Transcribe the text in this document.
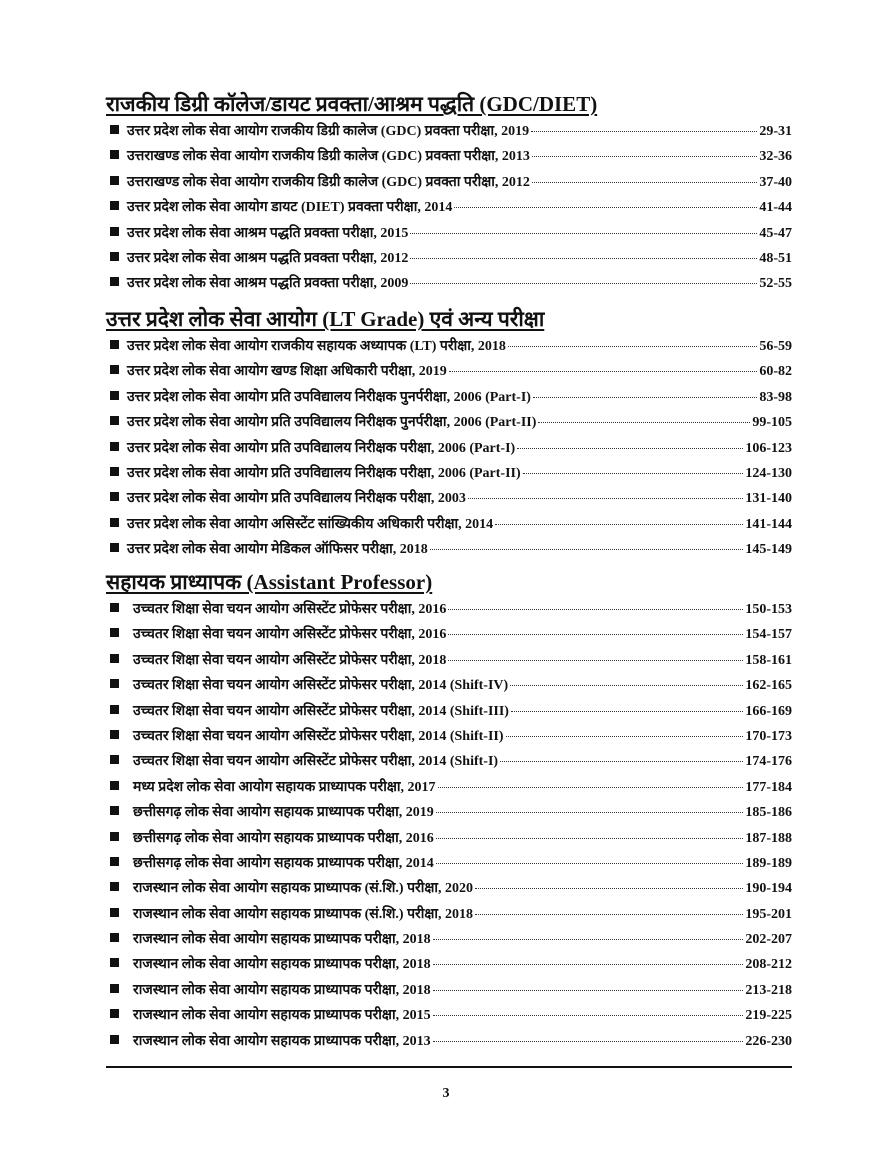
राजकीय डिग्री कॉलेज/डायट प्रवक्ता/आश्रम पद्धति (GDC/DIET)
उत्तर प्रदेश लोक सेवा आयोग राजकीय डिग्री कालेज (GDC) प्रवक्ता परीक्षा, 2019	29-31
उत्तराखण्ड लोक सेवा आयोग राजकीय डिग्री कालेज (GDC) प्रवक्ता परीक्षा, 2013	32-36
उत्तराखण्ड लोक सेवा आयोग राजकीय डिग्री कालेज (GDC) प्रवक्ता परीक्षा, 2012	37-40
उत्तर प्रदेश लोक सेवा आयोग डायट (DIET) प्रवक्ता परीक्षा, 2014	41-44
उत्तर प्रदेश लोक सेवा आश्रम पद्धति प्रवक्ता परीक्षा, 2015	45-47
उत्तर प्रदेश लोक सेवा आश्रम पद्धति प्रवक्ता परीक्षा, 2012	48-51
उत्तर प्रदेश लोक सेवा आश्रम पद्धति प्रवक्ता परीक्षा, 2009	52-55
उत्तर प्रदेश लोक सेवा आयोग (LT Grade) एवं अन्य परीक्षा
उत्तर प्रदेश लोक सेवा आयोग राजकीय सहायक अध्यापक (LT) परीक्षा, 2018	56-59
उत्तर प्रदेश लोक सेवा आयोग खण्ड शिक्षा अधिकारी परीक्षा, 2019	60-82
उत्तर प्रदेश लोक सेवा आयोग प्रति उपविद्यालय निरीक्षक पुनर्परीक्षा, 2006 (Part-I)	83-98
उत्तर प्रदेश लोक सेवा आयोग प्रति उपविद्यालय निरीक्षक पुनर्परीक्षा, 2006 (Part-II)	99-105
उत्तर प्रदेश लोक सेवा आयोग प्रति उपविद्यालय निरीक्षक परीक्षा, 2006 (Part-I)	106-123
उत्तर प्रदेश लोक सेवा आयोग प्रति उपविद्यालय निरीक्षक परीक्षा, 2006 (Part-II)	124-130
उत्तर प्रदेश लोक सेवा आयोग प्रति उपविद्यालय निरीक्षक परीक्षा, 2003	131-140
उत्तर प्रदेश लोक सेवा आयोग असिस्टेंट सांख्यिकीय अधिकारी परीक्षा, 2014	141-144
उत्तर प्रदेश लोक सेवा आयोग मेडिकल ऑफिसर परीक्षा, 2018	145-149
सहायक प्राध्यापक (Assistant Professor)
उच्चतर शिक्षा सेवा चयन आयोग असिस्टेंट प्रोफेसर परीक्षा, 2016	150-153
उच्चतर शिक्षा सेवा चयन आयोग असिस्टेंट प्रोफेसर परीक्षा, 2016	154-157
उच्चतर शिक्षा सेवा चयन आयोग असिस्टेंट प्रोफेसर परीक्षा, 2018	158-161
उच्चतर शिक्षा सेवा चयन आयोग असिस्टेंट प्रोफेसर परीक्षा, 2014 (Shift-IV)	162-165
उच्चतर शिक्षा सेवा चयन आयोग असिस्टेंट प्रोफेसर परीक्षा, 2014 (Shift-III)	166-169
उच्चतर शिक्षा सेवा चयन आयोग असिस्टेंट प्रोफेसर परीक्षा, 2014 (Shift-II)	170-173
उच्चतर शिक्षा सेवा चयन आयोग असिस्टेंट प्रोफेसर परीक्षा, 2014 (Shift-I)	174-176
मध्य प्रदेश लोक सेवा आयोग सहायक प्राध्यापक परीक्षा, 2017	177-184
छत्तीसगढ़ लोक सेवा आयोग सहायक प्राध्यापक परीक्षा, 2019	185-186
छत्तीसगढ़ लोक सेवा आयोग सहायक प्राध्यापक परीक्षा, 2016	187-188
छत्तीसगढ़ लोक सेवा आयोग सहायक प्राध्यापक परीक्षा, 2014	189-189
राजस्थान लोक सेवा आयोग सहायक प्राध्यापक (सं.शि.) परीक्षा, 2020	190-194
राजस्थान लोक सेवा आयोग सहायक प्राध्यापक (सं.शि.) परीक्षा, 2018	195-201
राजस्थान लोक सेवा आयोग सहायक प्राध्यापक परीक्षा, 2018	202-207
राजस्थान लोक सेवा आयोग सहायक प्राध्यापक परीक्षा, 2018	208-212
राजस्थान लोक सेवा आयोग सहायक प्राध्यापक परीक्षा, 2018	213-218
राजस्थान लोक सेवा आयोग सहायक प्राध्यापक परीक्षा, 2015	219-225
राजस्थान लोक सेवा आयोग सहायक प्राध्यापक परीक्षा, 2013	226-230
3
